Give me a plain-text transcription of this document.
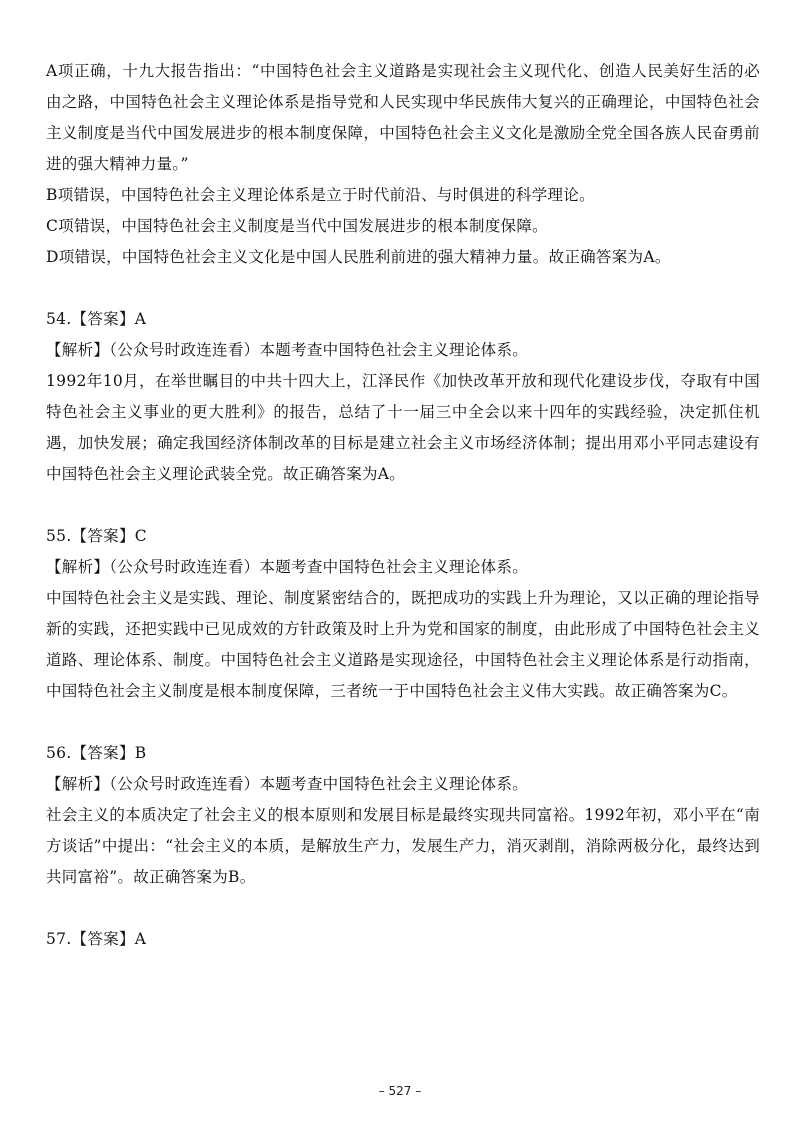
A项正确，十九大报告指出：“中国特色社会主义道路是实现社会主义现代化、创造人民美好生活的必由之路，中国特色社会主义理论体系是指导党和人民实现中华民族伟大复兴的正确理论，中国特色社会主义制度是当代中国发展进步的根本制度保障，中国特色社会主义文化是激励全党全国各族人民奋勇前进的强大精神力量。”

B项错误，中国特色社会主义理论体系是立于时代前沿、与时俱进的科学理论。

C项错误，中国特色社会主义制度是当代中国发展进步的根本制度保障。

D项错误，中国特色社会主义文化是中国人民胜利前进的强大精神力量。故正确答案为A。

54.【答案】A

【解析】（公众号时政连连看）本题考查中国特色社会主义理论体系。

1992年10月，在举世瞩目的中共十四大上，江泽民作《加快改革开放和现代化建设步伐，夺取有中国特色社会主义事业的更大胜利》的报告，总结了十一届三中全会以来十四年的实践经验，决定抓住机遇，加快发展；确定我国经济体制改革的目标是建立社会主义市场经济体制；提出用邓小平同志建设有中国特色社会主义理论武装全党。故正确答案为A。

55.【答案】C

【解析】（公众号时政连连看）本题考查中国特色社会主义理论体系。

中国特色社会主义是实践、理论、制度紧密结合的，既把成功的实践上升为理论，又以正确的理论指导新的实践，还把实践中已见成效的方针政策及时上升为党和国家的制度，由此形成了中国特色社会主义道路、理论体系、制度。中国特色社会主义道路是实现途径，中国特色社会主义理论体系是行动指南，中国特色社会主义制度是根本制度保障，三者统一于中国特色社会主义伟大实践。故正确答案为C。

56.【答案】B

【解析】（公众号时政连连看）本题考查中国特色社会主义理论体系。

社会主义的本质决定了社会主义的根本原则和发展目标是最终实现共同富裕。1992年初，邓小平在“南方谈话”中提出：“社会主义的本质，是解放生产力，发展生产力，消灭剥削，消除两极分化，最终达到共同富裕”。故正确答案为B。

57.【答案】A

– 527 –
